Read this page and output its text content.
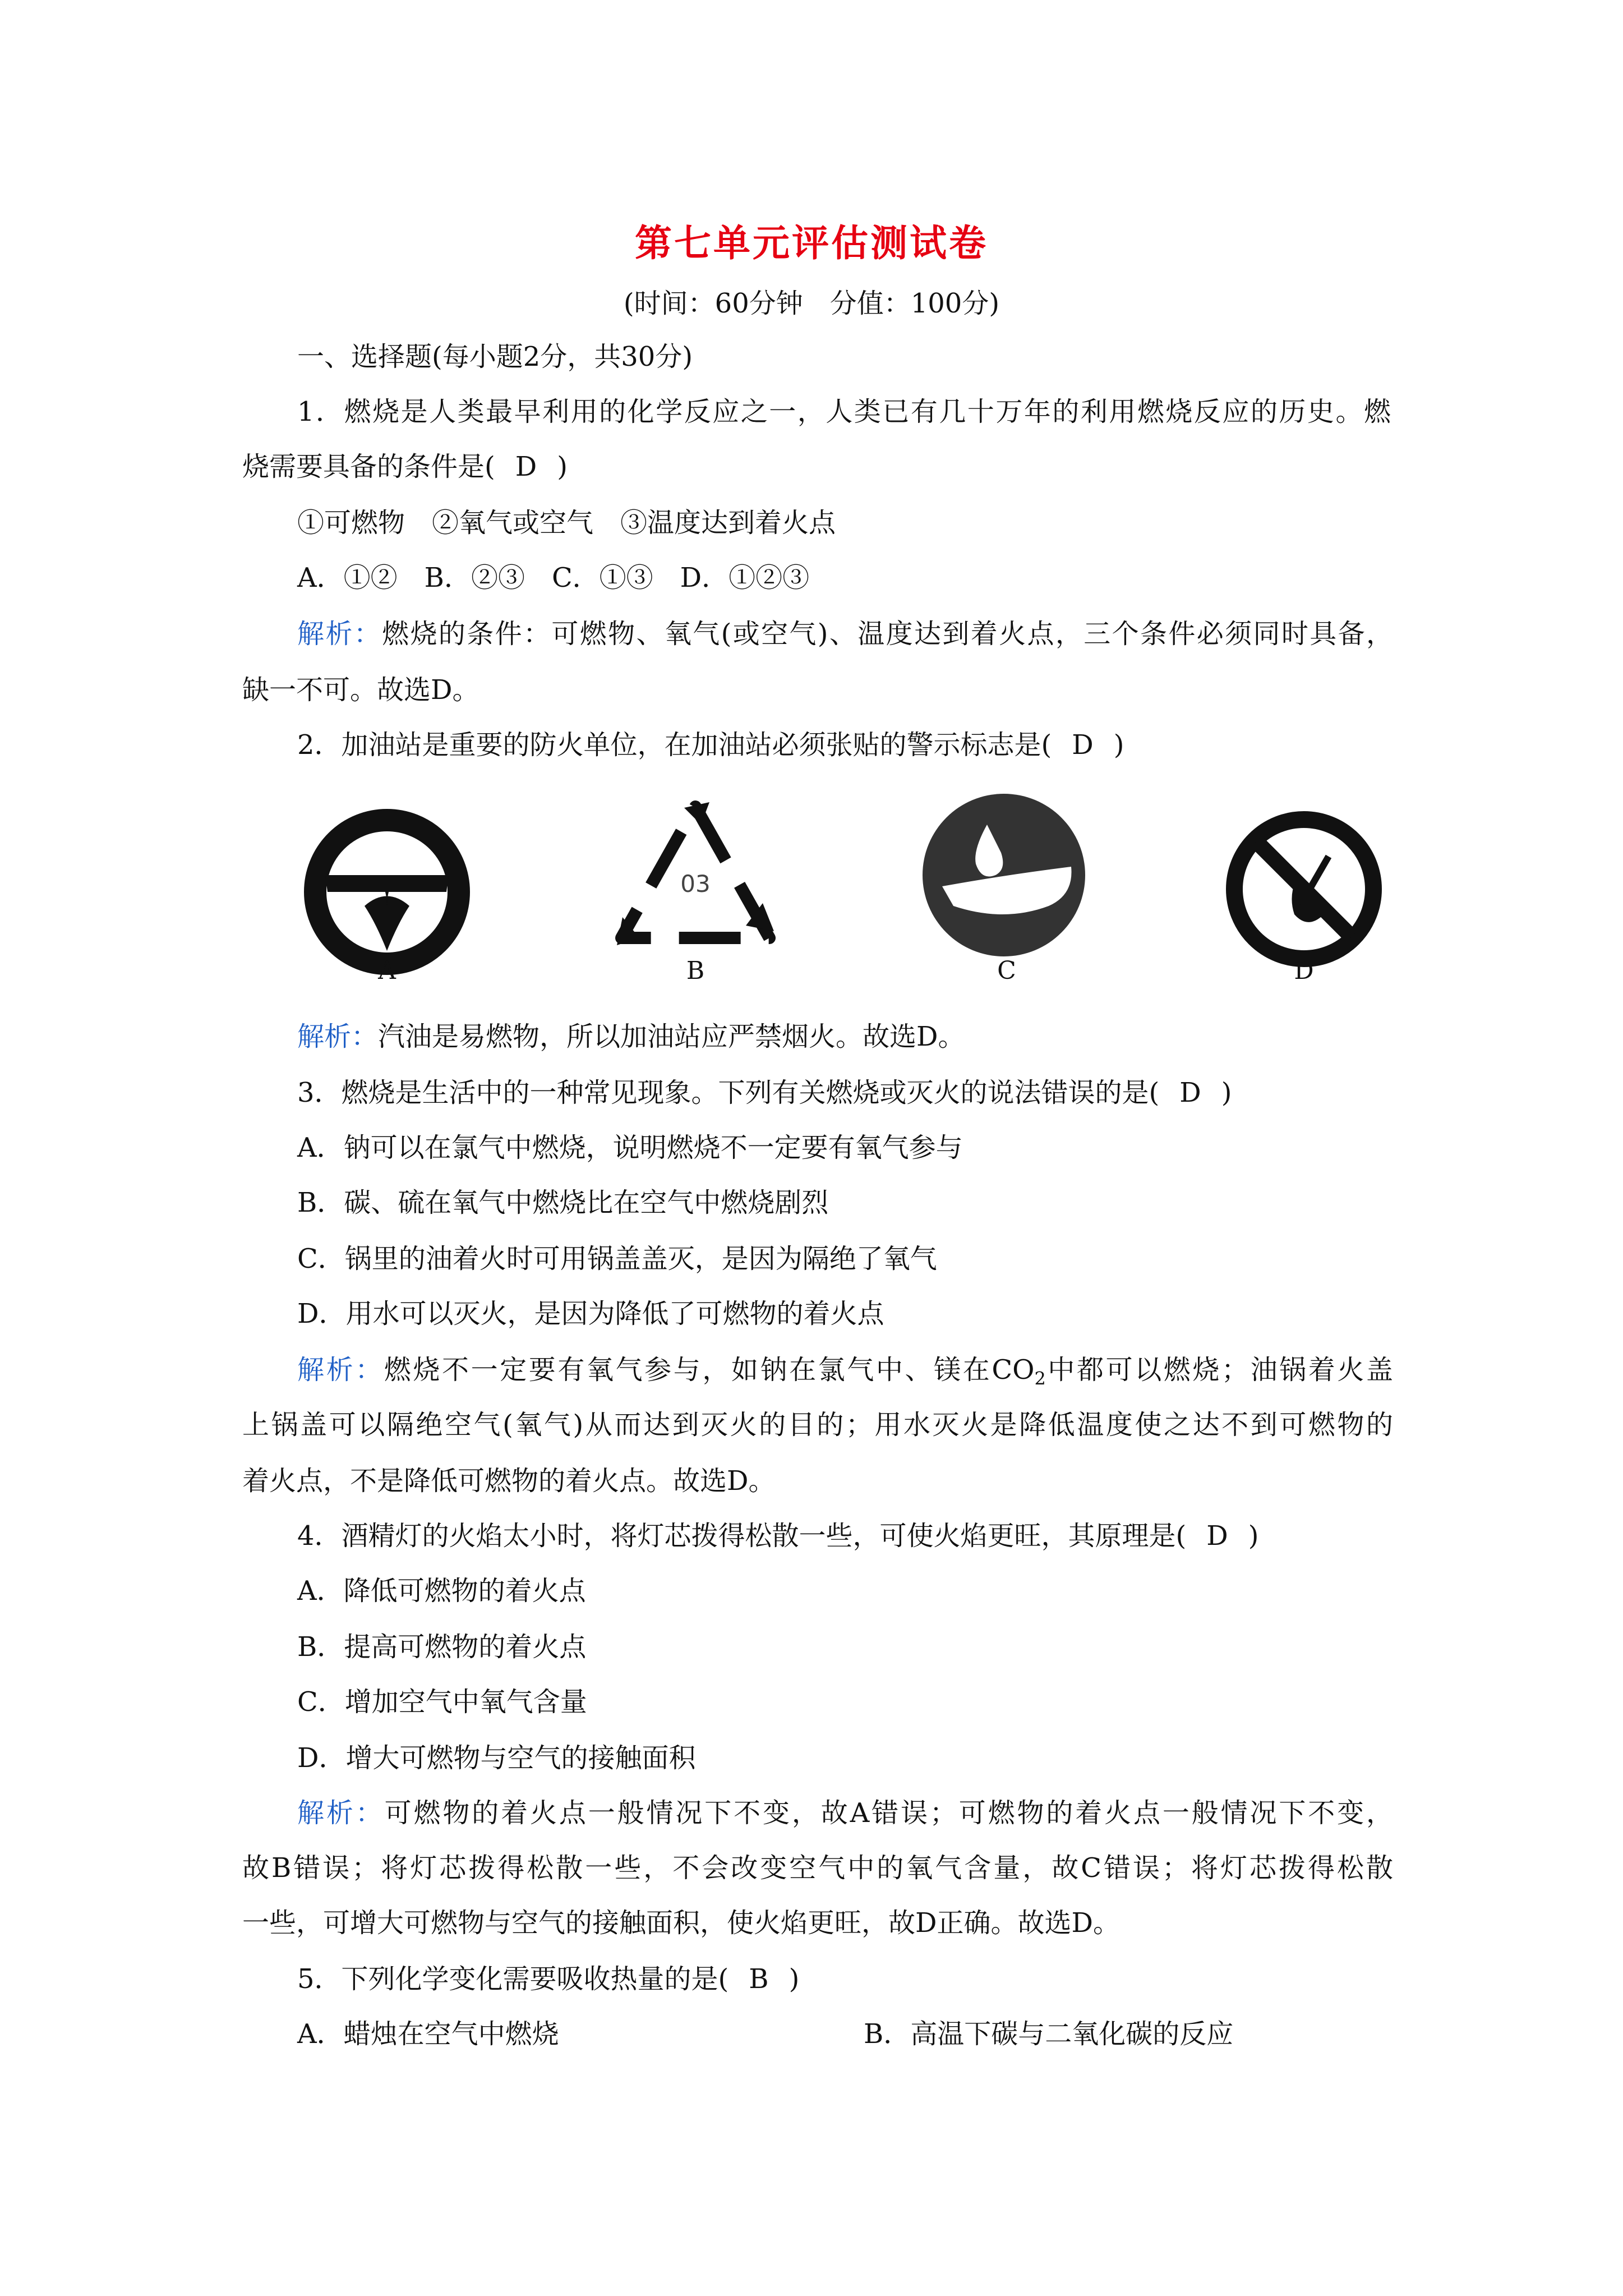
第七单元评估测试卷
(时间：60分钟　分值：100分)
一、选择题(每小题2分，共30分)
1．燃烧是人类最早利用的化学反应之一，人类已有几十万年的利用燃烧反应的历史。燃
烧需要具备的条件是( D )
①可燃物　②氧气或空气　③温度达到着火点
A．①②　B．②③　C．①③　D．①②③
解析：燃烧的条件：可燃物、氧气(或空气)、温度达到着火点，三个条件必须同时具备，
缺一不可。故选D。
2．加油站是重要的防火单位，在加油站必须张贴的警示标志是( D )
A
03
B	C	D
解析：汽油是易燃物，所以加油站应严禁烟火。故选D。
3．燃烧是生活中的一种常见现象。下列有关燃烧或灭火的说法错误的是( D )
A．钠可以在氯气中燃烧，说明燃烧不一定要有氧气参与
B．碳、硫在氧气中燃烧比在空气中燃烧剧烈
C．锅里的油着火时可用锅盖盖灭，是因为隔绝了氧气
D．用水可以灭火，是因为降低了可燃物的着火点
解析：燃烧不一定要有氧气参与，如钠在氯气中、镁在$CO_2$中都可以燃烧；油锅着火盖
上锅盖可以隔绝空气(氧气)从而达到灭火的目的；用水灭火是降低温度使之达不到可燃物的
着火点，不是降低可燃物的着火点。故选D。
4．酒精灯的火焰太小时，将灯芯拨得松散一些，可使火焰更旺，其原理是( D )
A．降低可燃物的着火点
B．提高可燃物的着火点
C．增加空气中氧气含量
D．增大可燃物与空气的接触面积
解析：可燃物的着火点一般情况下不变，故A错误；可燃物的着火点一般情况下不变，
故B错误；将灯芯拨得松散一些，不会改变空气中的氧气含量，故C错误；将灯芯拨得松散
一些，可增大可燃物与空气的接触面积，使火焰更旺，故D正确。故选D。
5．下列化学变化需要吸收热量的是( B )
A．蜡烛在空气中燃烧	B．高温下碳与二氧化碳的反应
